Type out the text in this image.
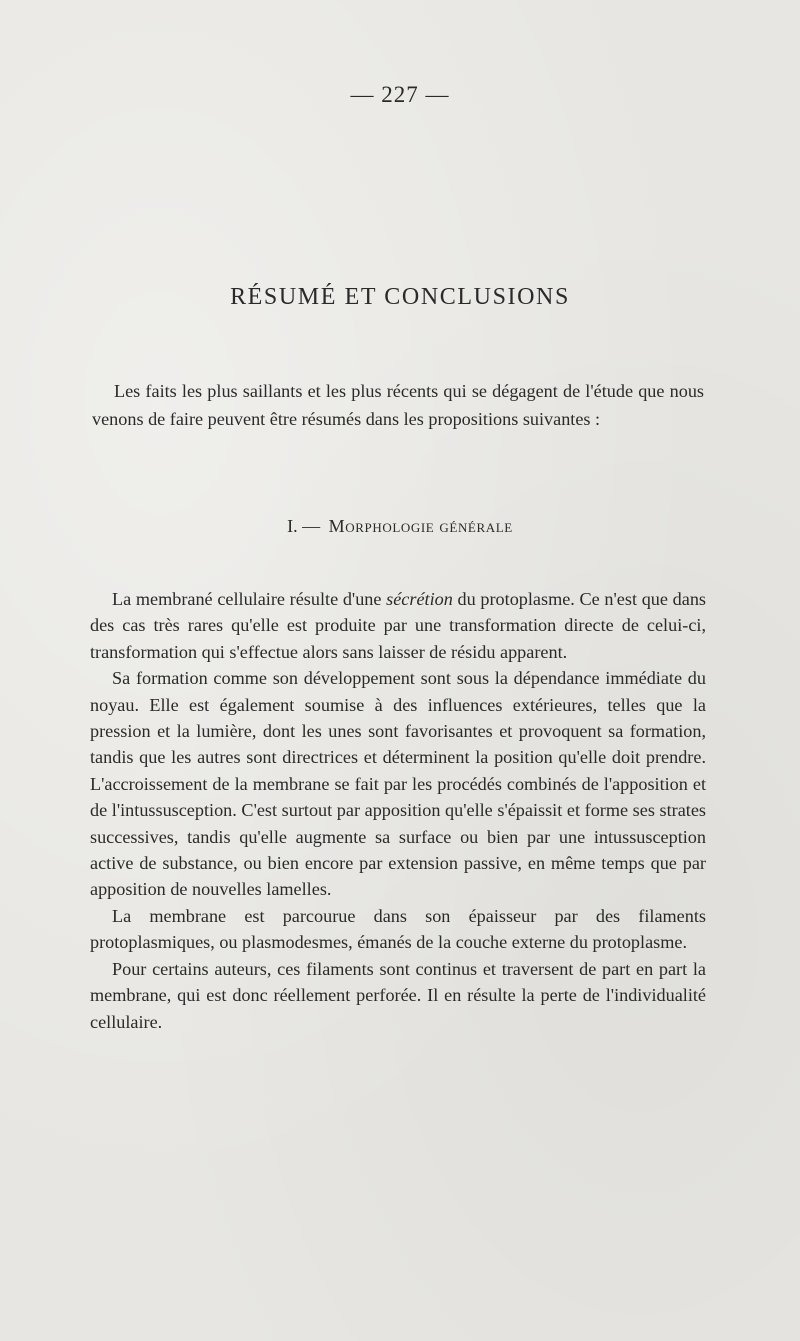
— 227 —
RÉSUMÉ ET CONCLUSIONS

Les faits les plus saillants et les plus récents qui se dégagent de l'étude que nous venons de faire peuvent être résumés dans les propositions suivantes :

I. — Morphologie générale

La membrané cellulaire résulte d'une sécrétion du protoplasme. Ce n'est que dans des cas très rares qu'elle est produite par une transformation directe de celui-ci, transformation qui s'effectue alors sans laisser de résidu apparent.

Sa formation comme son développement sont sous la dépendance immédiate du noyau. Elle est également soumise à des influences extérieures, telles que la pression et la lumière, dont les unes sont favorisantes et provoquent sa formation, tandis que les autres sont directrices et déterminent la position qu'elle doit prendre. L'accroissement de la membrane se fait par les procédés combinés de l'apposition et de l'intussusception. C'est surtout par apposition qu'elle s'épaissit et forme ses strates successives, tandis qu'elle augmente sa surface ou bien par une intussusception active de substance, ou bien encore par extension passive, en même temps que par apposition de nouvelles lamelles.

La membrane est parcourue dans son épaisseur par des filaments protoplasmiques, ou plasmodesmes, émanés de la couche externe du protoplasme.

Pour certains auteurs, ces filaments sont continus et traversent de part en part la membrane, qui est donc réellement perforée. Il en résulte la perte de l'individualité cellulaire.
